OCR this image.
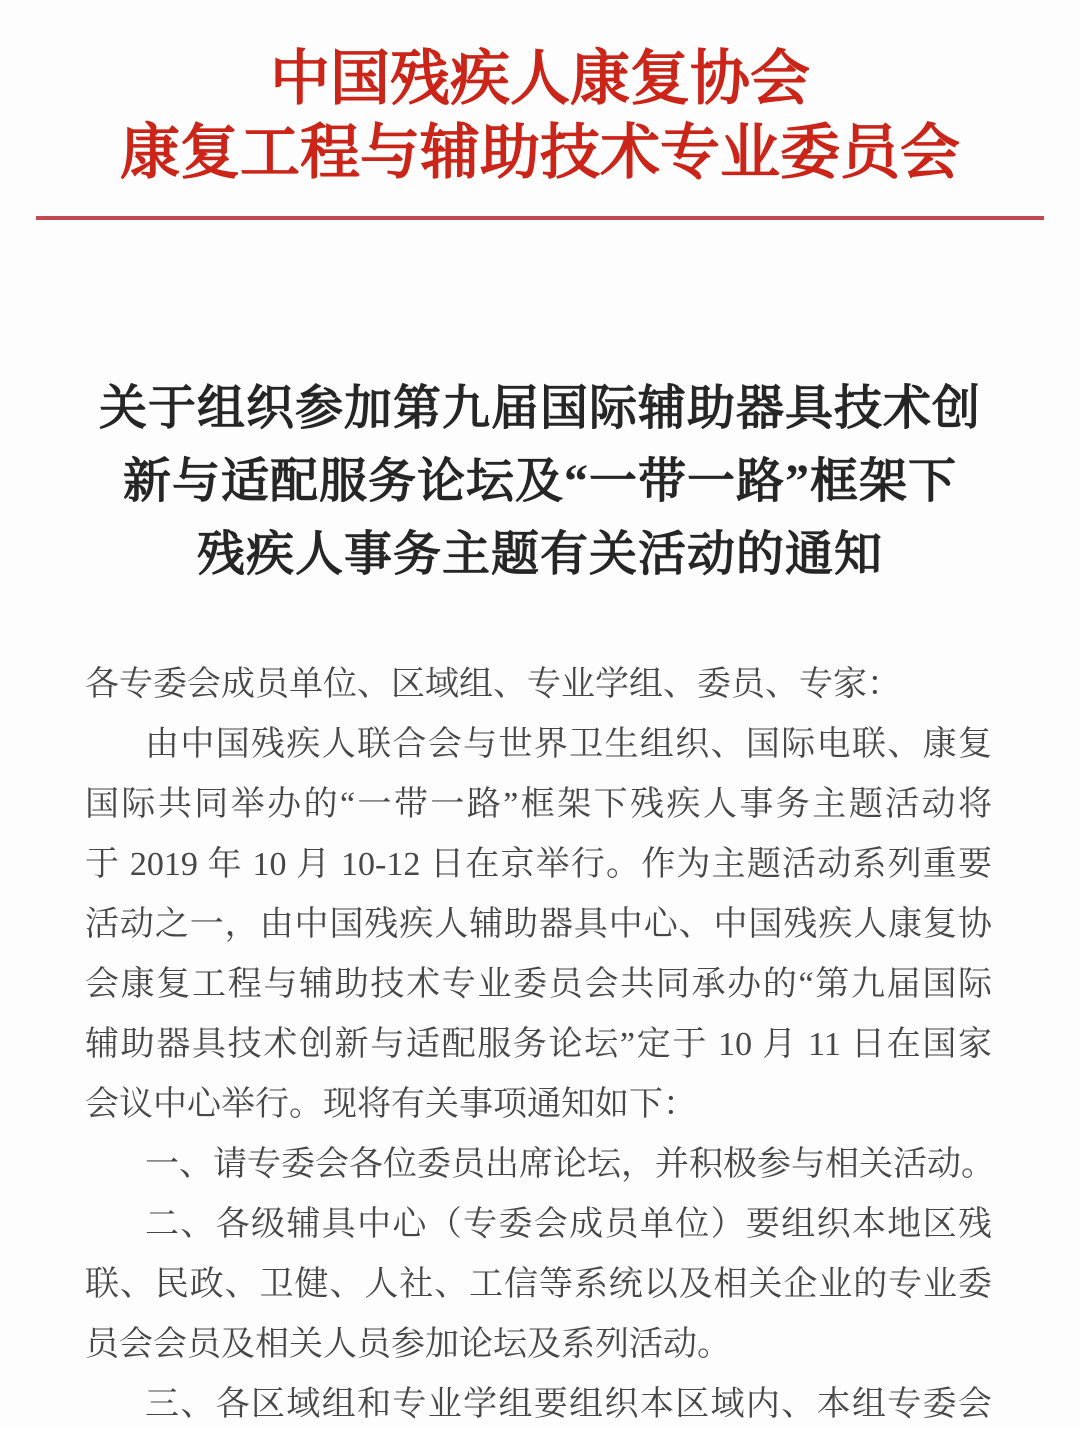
中国残疾人康复协会
康复工程与辅助技术专业委员会
关于组织参加第九届国际辅助器具技术创
新与适配服务论坛及“一带一路”框架下
残疾人事务主题有关活动的通知
各专委会成员单位、区域组、专业学组、委员、专家：
由中国残疾人联合会与世界卫生组织、国际电联、康复
国际共同举办的“一带一路”框架下残疾人事务主题活动将
于 2019 年 10 月 10-12 日在京举行。作为主题活动系列重要
活动之一，由中国残疾人辅助器具中心、中国残疾人康复协
会康复工程与辅助技术专业委员会共同承办的“第九届国际
辅助器具技术创新与适配服务论坛”定于 10 月 11 日在国家
会议中心举行。现将有关事项通知如下：
一、请专委会各位委员出席论坛，并积极参与相关活动。
二、各级辅具中心（专委会成员单位）要组织本地区残
联、民政、卫健、人社、工信等系统以及相关企业的专业委
员会会员及相关人员参加论坛及系列活动。
三、各区域组和专业学组要组织本区域内、本组专委会
